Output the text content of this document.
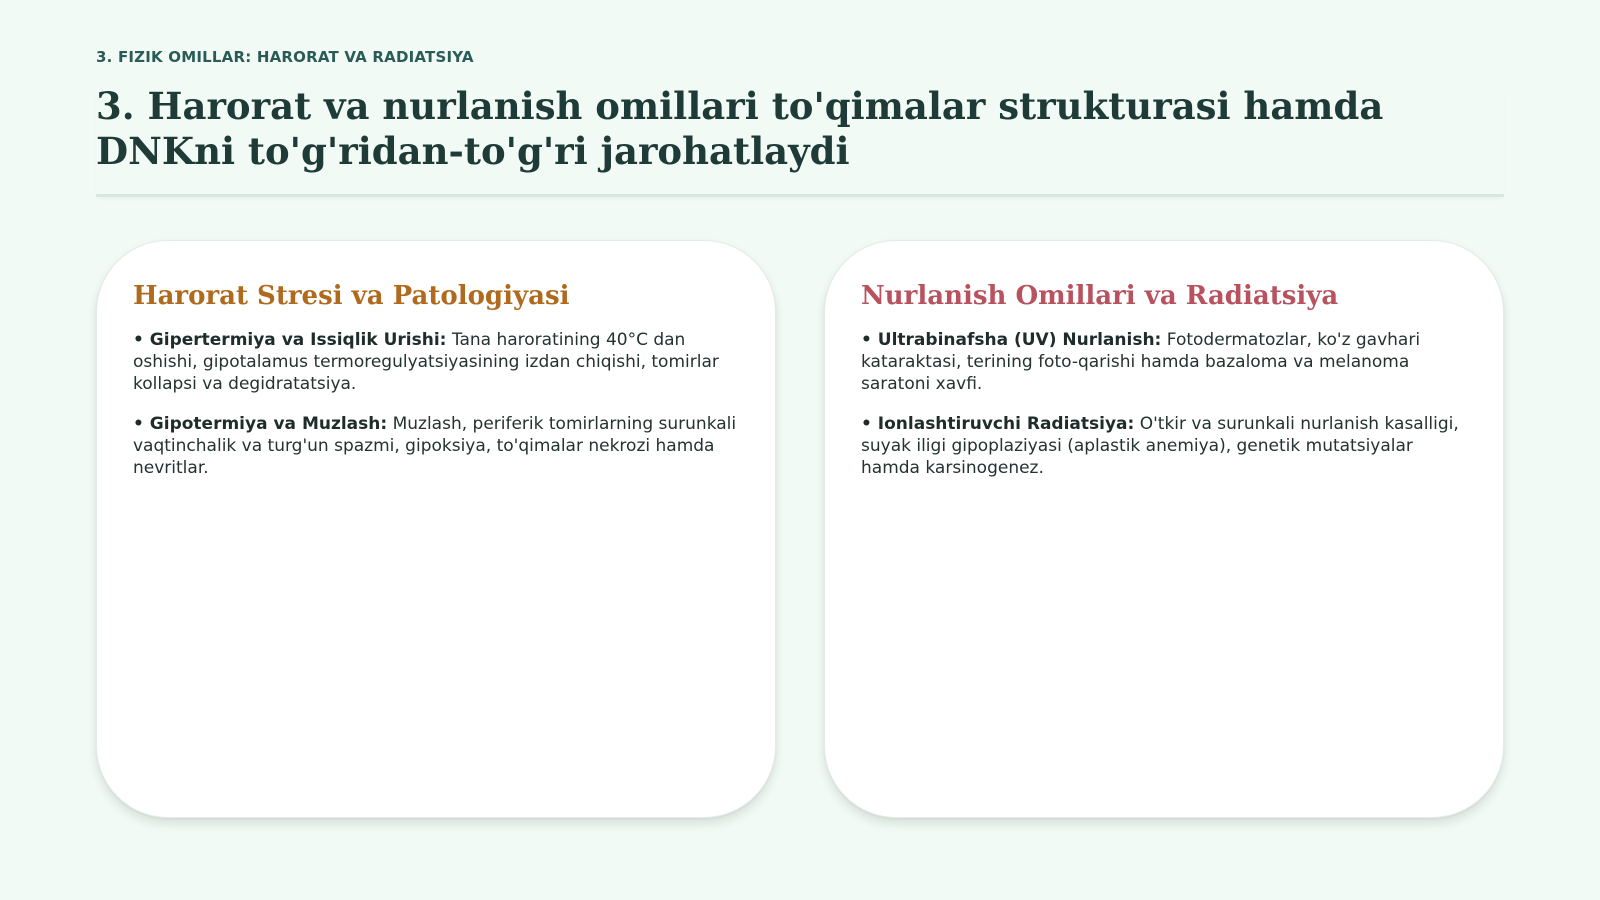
3. FIZIK OMILLAR: HARORAT VA RADIATSIYA
3. Harorat va nurlanish omillari to'qimalar strukturasi hamda DNKni to'g'ridan-to'g'ri jarohatlaydi
Harorat Stresi va Patologiyasi

• Gipertermiya va Issiqlik Urishi: Tana haroratining 40°C dan oshishi, gipotalamus termoregulyatsiyasining izdan chiqishi, tomirlar kollapsi va degidratatsiya.

• Gipotermiya va Muzlash: Muzlash, periferik tomirlarning surunkali vaqtinchalik va turg'un spazmi, gipoksiya, to'qimalar nekrozi hamda nevritlar.

Nurlanish Omillari va Radiatsiya

• Ultrabinafsha (UV) Nurlanish: Fotodermatozlar, ko'z gavhari kataraktasi, terining foto-qarishi hamda bazaloma va melanoma saratoni xavfi.

• Ionlashtiruvchi Radiatsiya: O'tkir va surunkali nurlanish kasalligi, suyak iligi gipoplaziyasi (aplastik anemiya), genetik mutatsiyalar hamda karsinogenez.
